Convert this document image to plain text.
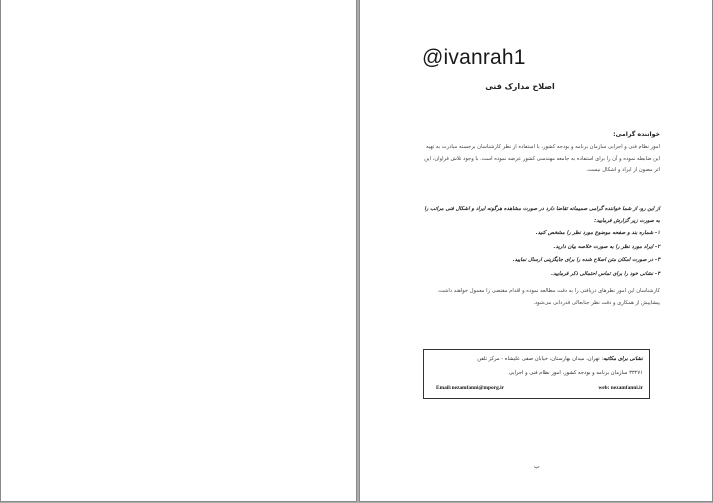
@ivanrah1
اصلاح مدارک فنی
خواننده گرامی:
امور نظام فنی و اجرایی سازمان برنامه و بودجه کشور، با استفاده از نظر کارشناسان برجسته مبادرت به تهیه این ضابطه نموده و آن را برای استفاده به جامعه مهندسی کشور عرضه نموده است. با وجود تلاش فراوان، این اثر مصون از ایراد و اشکال نیست.
از این رو، از شما خواننده گرامی صمیمانه تقاضا دارد در صورت مشاهده هرگونه ایراد و اشکال فنی مراتب را به صورت زیر گزارش فرمایید:
۱- شماره بند و صفحه موضوع مورد نظر را مشخص کنید.
۲- ایراد مورد نظر را به صورت خلاصه بیان دارید.
۳- در صورت امکان متن اصلاح شده را برای جایگزینی ارسال نمایید.
۴- نشانی خود را برای تماس احتمالی ذکر فرمایید.
کارشناسان این امور نظرهای دریافتی را به دقت مطالعه نموده و اقدام مقتضی را معمول خواهند داشت. پیشاپیش از همکاری و دقت نظر جنابعالی قدردانی می‌شود.
نشانی برای مکاتبه: تهران، میدان بهارستان، خیابان صفی علیشاه - مرکز تلفن
۳۳۲۷۱ سازمان برنامه و بودجه کشور، امور نظام فنی و اجرایی
web: nezamfanni.ir
Email:nezamfanni@mporg.ir
ب
